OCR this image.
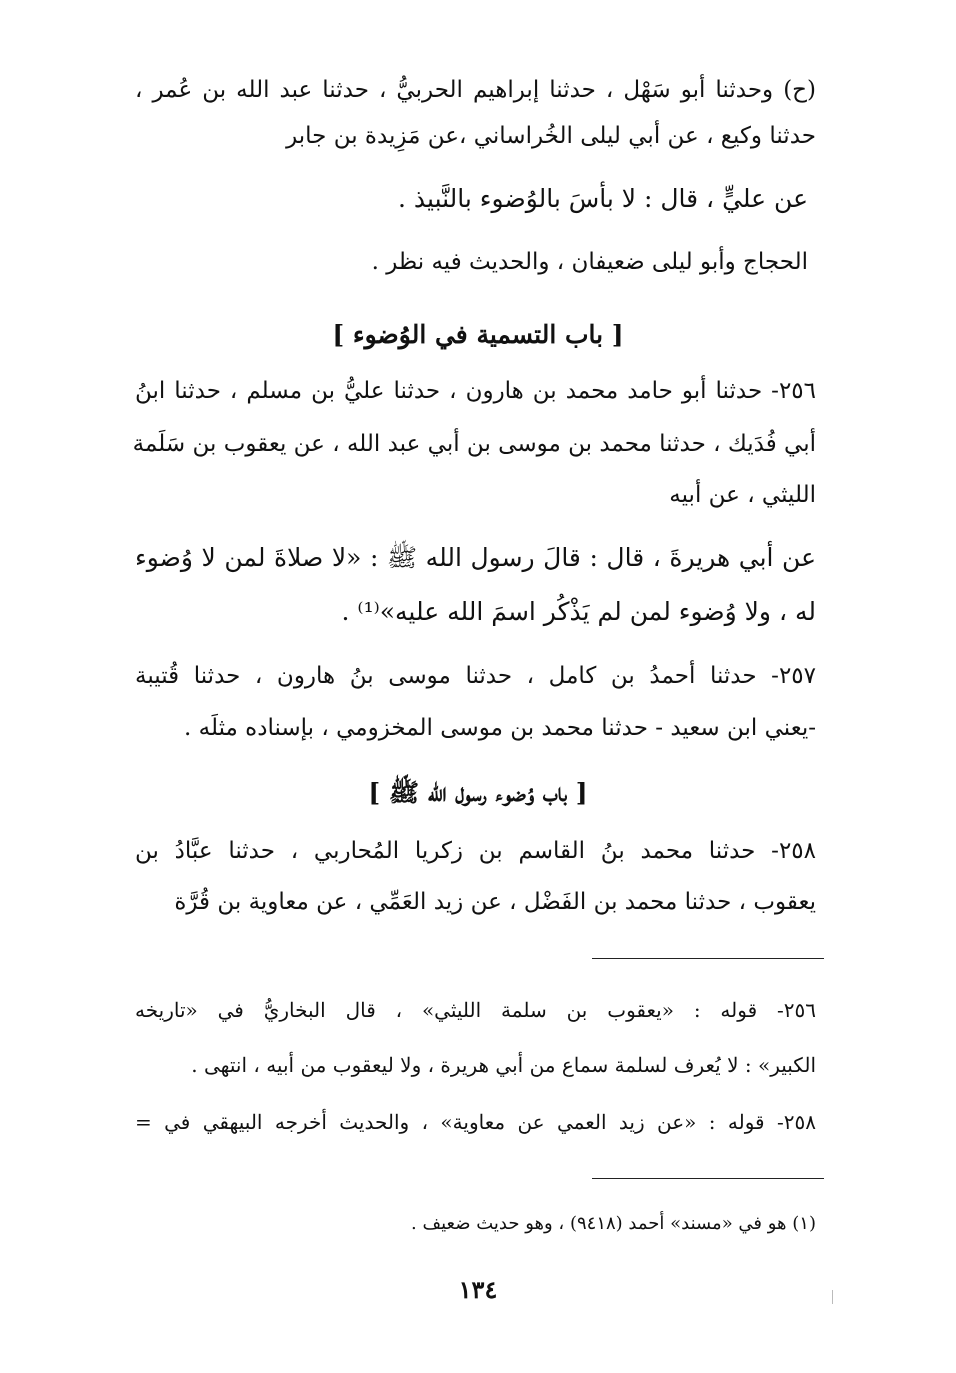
(ح) وحدثنا أبو سَهْل ، حدثنا إبراهيم الحربيُّ ، حدثنا عبد الله بن عُمر ،
حدثنا وكيع ، عن أبي ليلى الخُراساني ،عن مَزِيدة بن جابر
عن عليٍّ ، قال : لا بأسَ بالوُضوء بالنَّبيذ .
الحجاج وأبو ليلى ضعيفان ، والحديث فيه نظر .
[ باب التسمية في الوُضوء ]
٢٥٦- حدثنا أبو حامد محمد بن هارون ، حدثنا عليُّ بن مسلم ، حدثنا ابنُ
أبي فُدَيك ، حدثنا محمد بن موسى بن أبي عبد الله ، عن يعقوب بن سَلَمة
الليثي ، عن أبيه
عن أبي هريرةَ ، قال : قالَ رسول الله ﷺ : «لا صلاةَ لمن لا وُضوء
له ، ولا وُضوء لمن لم يَذْكُر اسمَ الله عليه»⁽¹⁾ .
٢٥٧- حدثنا أحمدُ بن كامل ، حدثنا موسى بنُ هارون ، حدثنا قُتيبة
-يعني ابن سعيد - حدثنا محمد بن موسى المخزومي ، بإسناده مثلَه .
[ باب وُضوء رسول الله ﷺ ]
٢٥٨- حدثنا محمد بنُ القاسم بن زكريا المُحاربي ، حدثنا عبَّادُ بن
يعقوب ، حدثنا محمد بن الفَضْل ، عن زيد العَمِّي ، عن معاوية بن قُرَّة
٢٥٦- قوله : «يعقوب بن سلمة الليثي» ، قال البخاريُّ في «تاريخه
الكبير» : لا يُعرف لسلمة سماع من أبي هريرة ، ولا ليعقوب من أبيه ، انتهى .
٢٥٨- قوله : «عن زيد العمي عن معاوية» ، والحديث أخرجه البيهقي في =
(١) هو في «مسند» أحمد (٩٤١٨) ، وهو حديث ضعيف .
١٣٤
